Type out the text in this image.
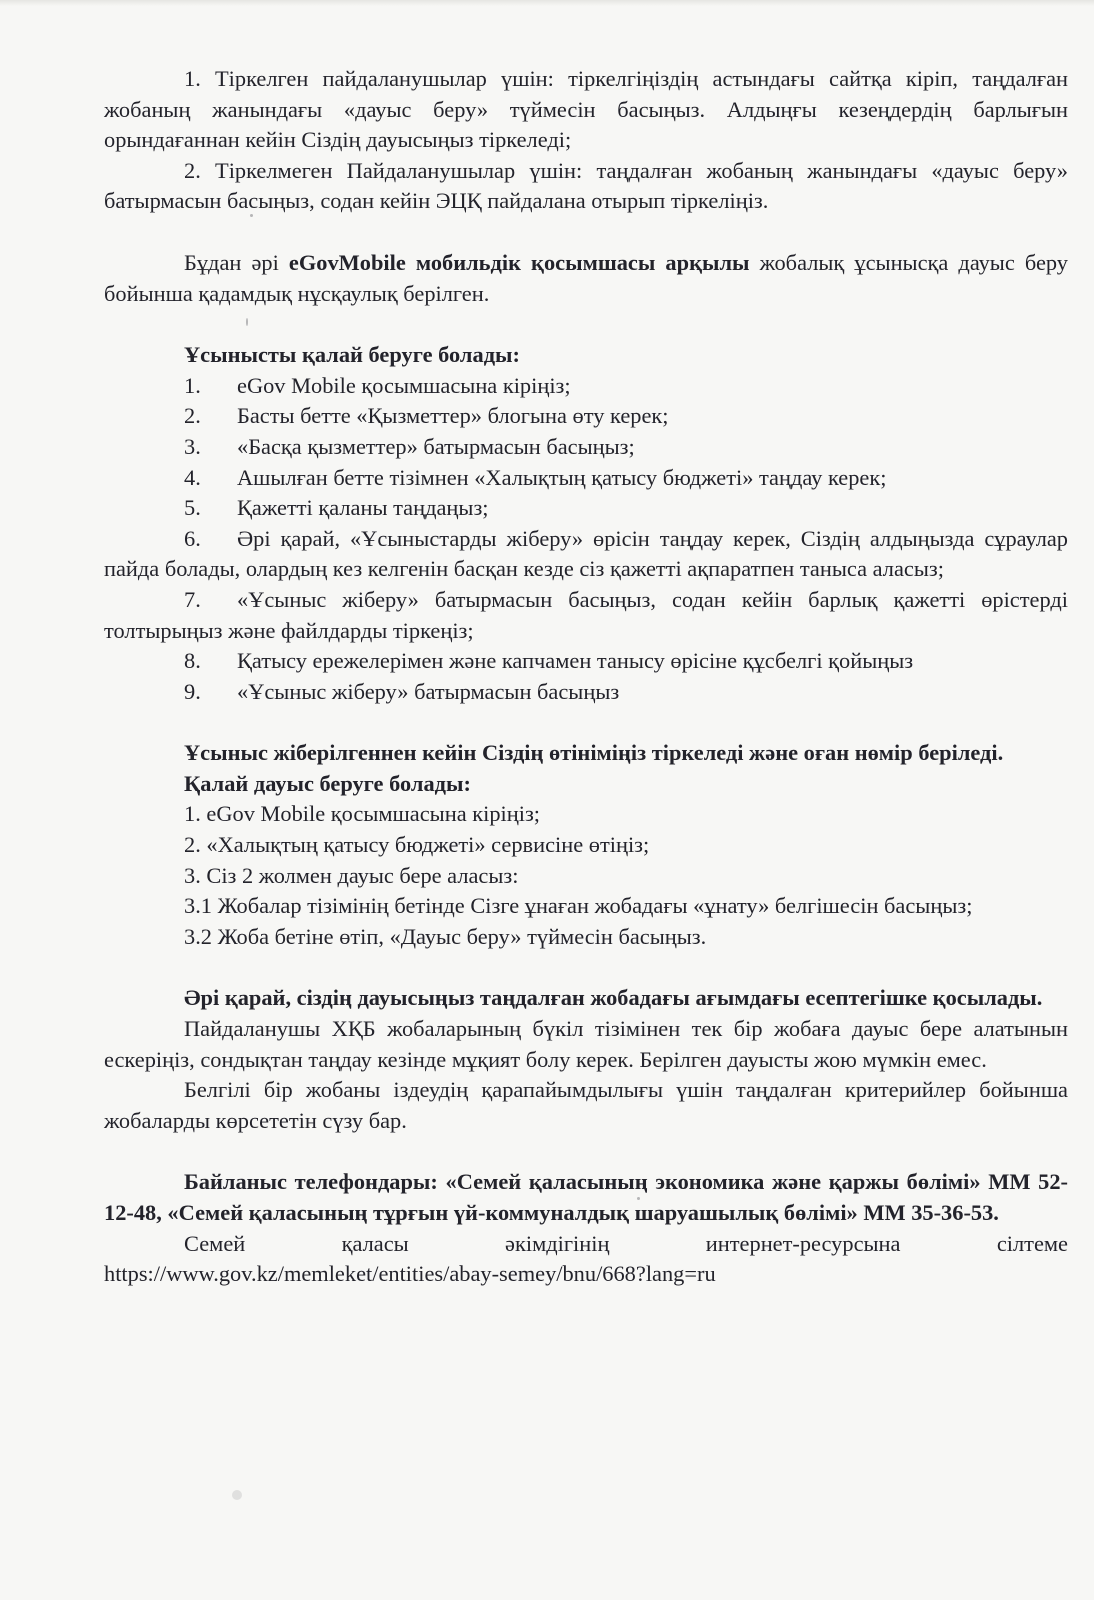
1. Тіркелген пайдаланушылар үшін: тіркелгіңіздің астындағы сайтқа кіріп, таңдалған жобаның жанындағы «дауыс беру» түймесін басыңыз. Алдыңғы кезеңдердің барлығын орындағаннан кейін Сіздің дауысыңыз тіркеледі;

2. Тіркелмеген Пайдаланушылар үшін: таңдалған жобаның жанындағы «дауыс беру» батырмасын басыңыз, содан кейін ЭЦҚ пайдалана отырып тіркеліңіз.

Бұдан әрі eGovMobile мобильдік қосымшасы арқылы жобалық ұсынысқа дауыс беру бойынша қадамдық нұсқаулық берілген.

Ұсынысты қалай беруге болады:

1. eGov Mobile қосымшасына кіріңіз;

2. Басты бетте «Қызметтер» блогына өту керек;

3. «Басқа қызметтер» батырмасын басыңыз;

4. Ашылған бетте тізімнен «Халықтың қатысу бюджеті» таңдау керек;

5. Қажетті қаланы таңдаңыз;

6. Әрі қарай, «Ұсыныстарды жіберу» өрісін таңдау керек, Сіздің алдыңызда сұраулар пайда болады, олардың кез келгенін басқан кезде сіз қажетті ақпаратпен таныса аласыз;

7. «Ұсыныс жіберу» батырмасын басыңыз, содан кейін барлық қажетті өрістерді толтырыңыз және файлдарды тіркеңіз;

8. Қатысу ережелерімен және капчамен танысу өрісіне құсбелгі қойыңыз

9. «Ұсыныс жіберу» батырмасын басыңыз

Ұсыныс жіберілгеннен кейін Сіздің өтініміңіз тіркеледі және оған нөмір беріледі.

Қалай дауыс беруге болады:

1. eGov Mobile қосымшасына кіріңіз;

2. «Халықтың қатысу бюджеті» сервисіне өтіңіз;

3. Сіз 2 жолмен дауыс бере аласыз:

3.1 Жобалар тізімінің бетінде Сізге ұнаған жобадағы «ұнату» белгішесін басыңыз;

3.2 Жоба бетіне өтіп, «Дауыс беру» түймесін басыңыз.

Әрі қарай, сіздің дауысыңыз таңдалған жобадағы ағымдағы есептегішке қосылады.

Пайдаланушы ХҚБ жобаларының бүкіл тізімінен тек бір жобаға дауыс бере алатынын ескеріңіз, сондықтан таңдау кезінде мұқият болу керек. Берілген дауысты жою мүмкін емес.

Белгілі бір жобаны іздеудің қарапайымдылығы үшін таңдалған критерийлер бойынша жобаларды көрсететін сүзу бар.

Байланыс телефондары: «Семей қаласының экономика және қаржы бөлімі» ММ 52-12-48, «Семей қаласының тұрғын үй-коммуналдық шаруашылық бөлімі» ММ 35-36-53.

Семей қаласы әкімдігінің интернет-ресурсына сілтеме

https://www.gov.kz/memleket/entities/abay-semey/bnu/668?lang=ru
